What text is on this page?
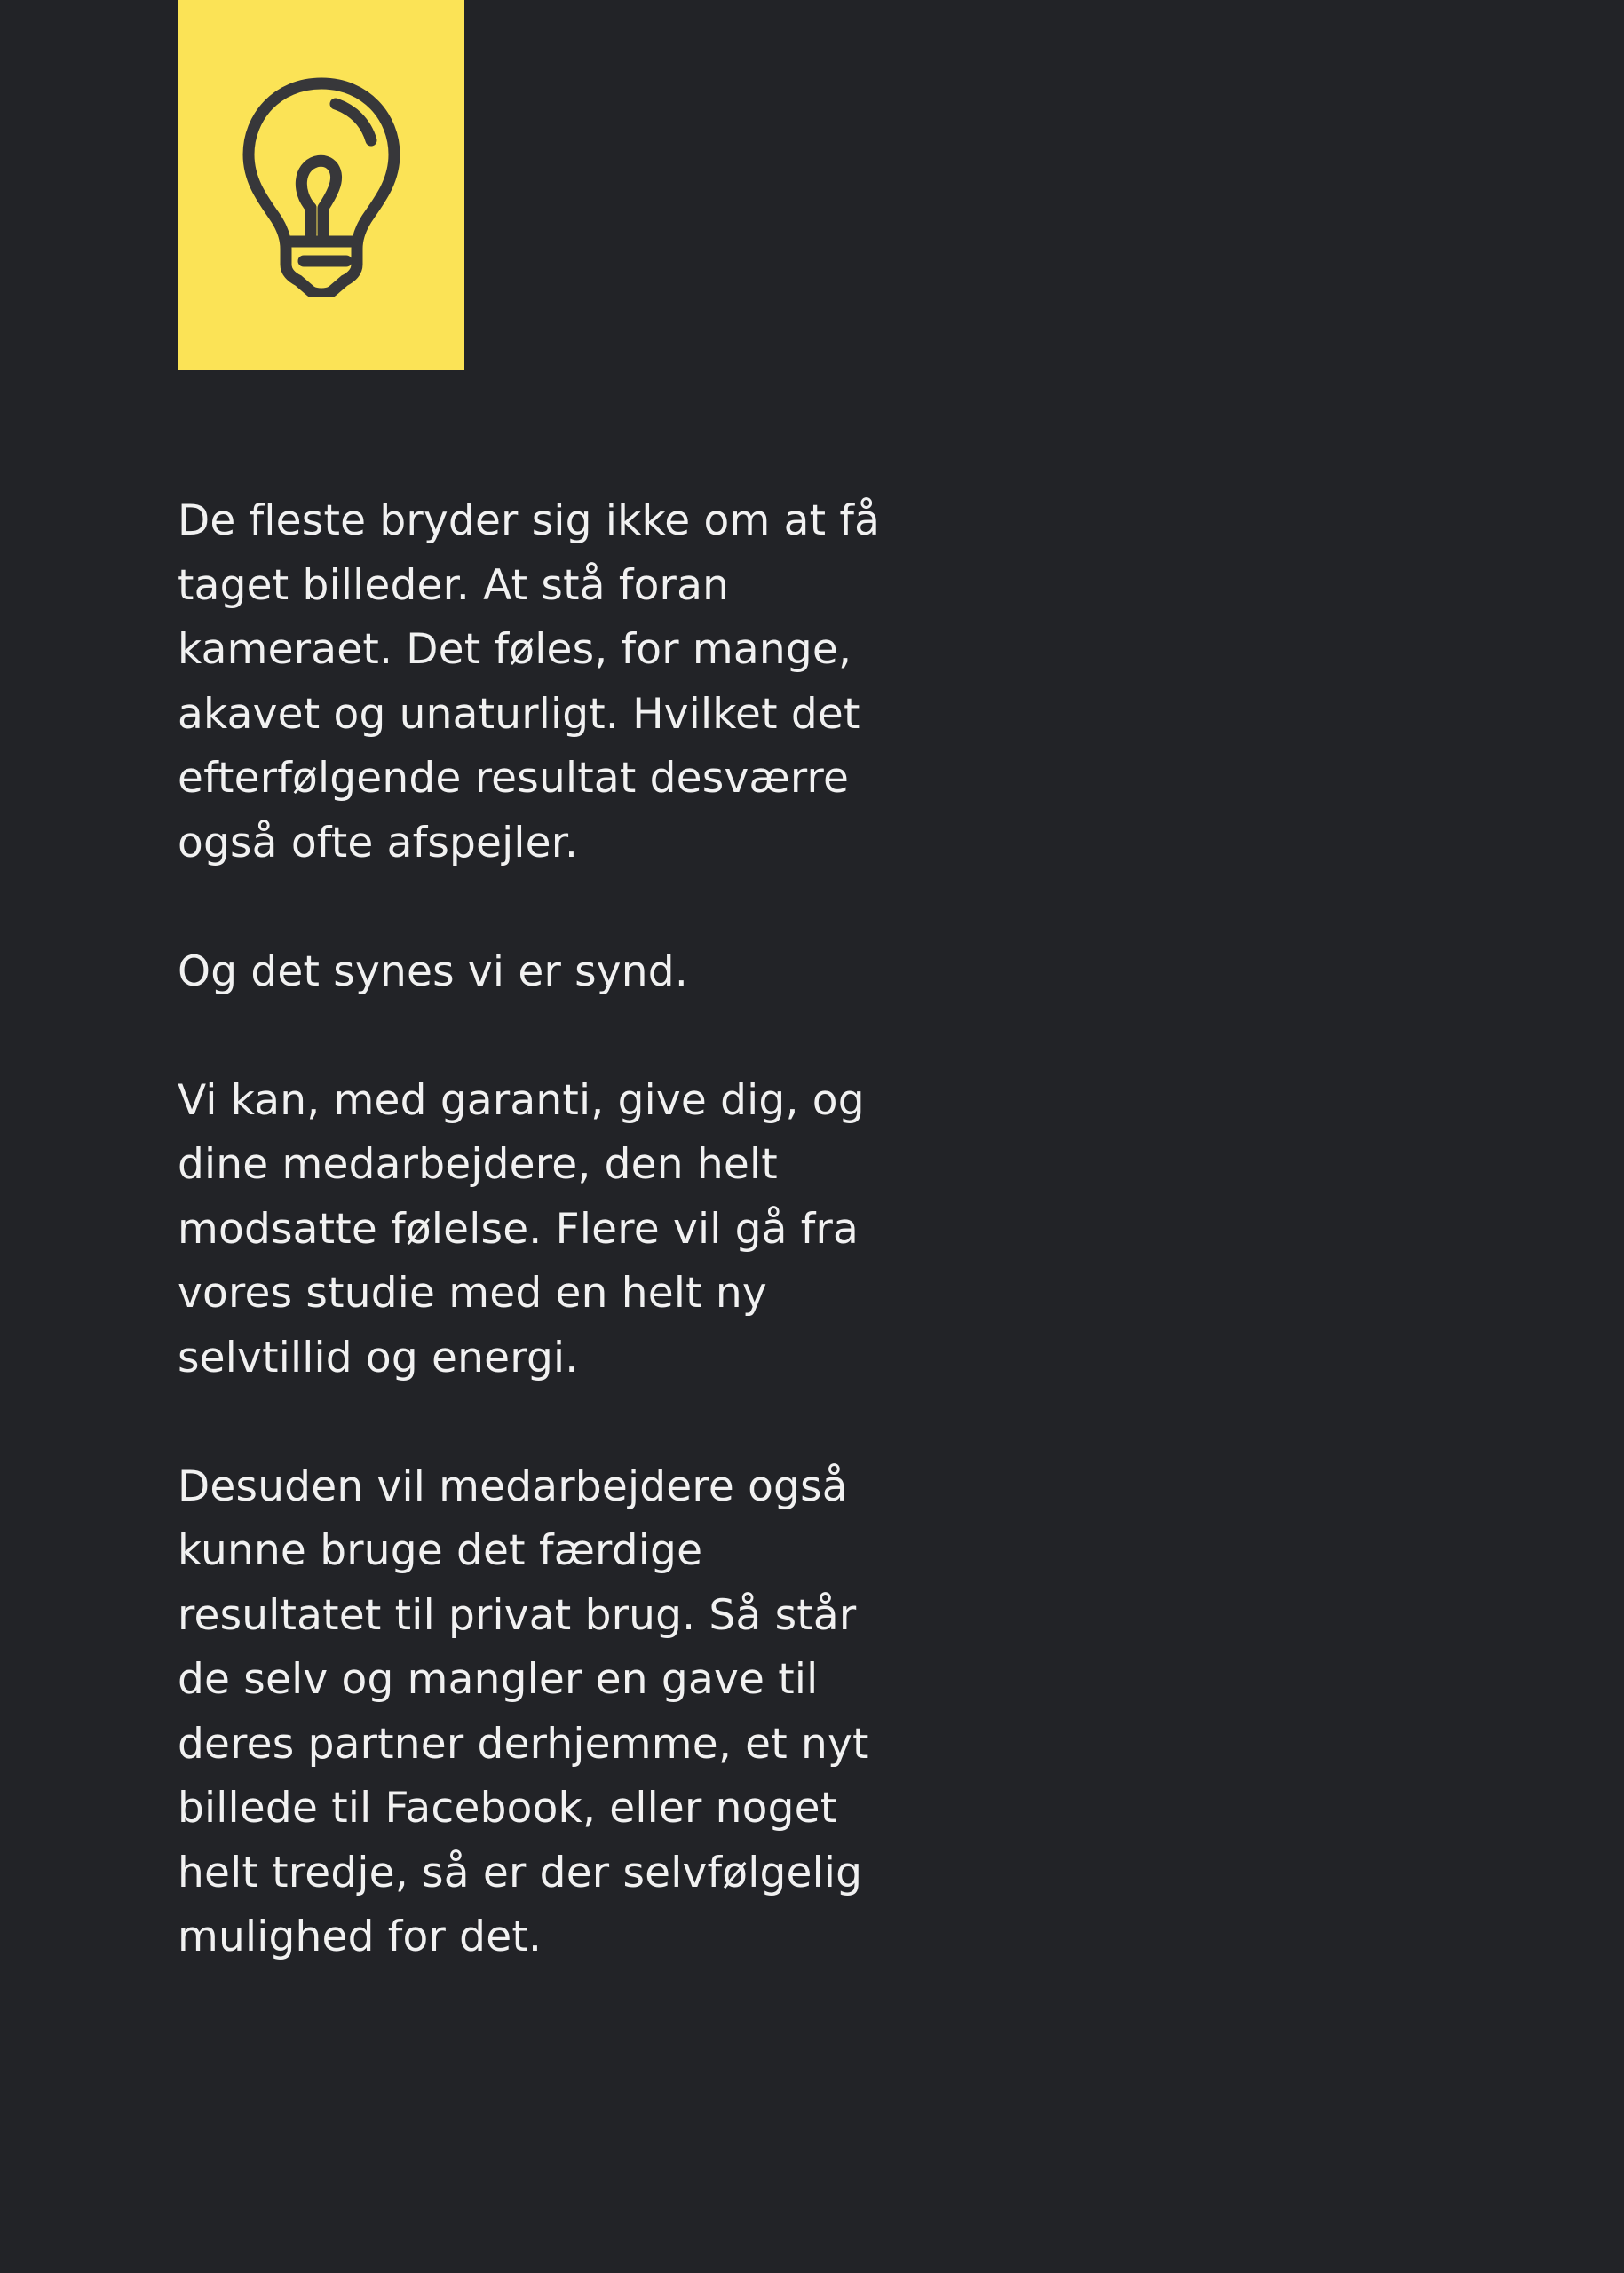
De fleste bryder sig ikke om at få
taget billeder. At stå foran
kameraet. Det føles, for mange,
akavet og unaturligt. Hvilket det
efterfølgende resultat desværre
også ofte afspejler.

Og det synes vi er synd.

Vi kan, med garanti, give dig, og
dine medarbejdere, den helt
modsatte følelse. Flere vil gå fra
vores studie med en helt ny
selvtillid og energi.

Desuden vil medarbejdere også
kunne bruge det færdige
resultatet til privat brug. Så står
de selv og mangler en gave til
deres partner derhjemme, et nyt
billede til Facebook, eller noget
helt tredje, så er der selvfølgelig
mulighed for det.
